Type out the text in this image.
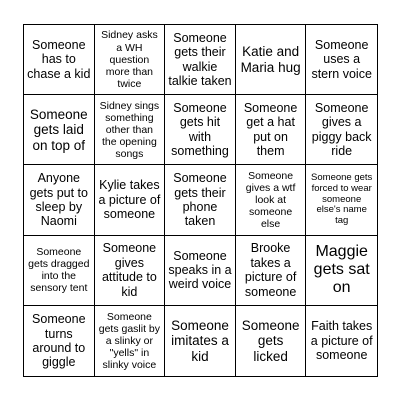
Someone has to chase a kid
Sidney asks a WH question more than twice
Someone gets their walkie talkie taken
Katie and Maria hug
Someone uses a stern voice
Someone gets laid on top of
Sidney sings something other than the opening songs
Someone gets hit with something
Someone get a hat put on them
Someone gives a piggy back ride
Anyone gets put to sleep by Naomi
Kylie takes a picture of someone
Someone gets their phone taken
Someone gives a wtf look at someone else
Someone gets forced to wear someone else's name tag
Someone gets dragged into the sensory tent
Someone gives attitude to kid
Someone speaks in a weird voice
Brooke takes a picture of someone
Maggie gets sat on
Someone turns around to giggle
Someone gets gaslit by a slinky or "yells" in slinky voice
Someone imitates a kid
Someone gets licked
Faith takes a picture of someone
